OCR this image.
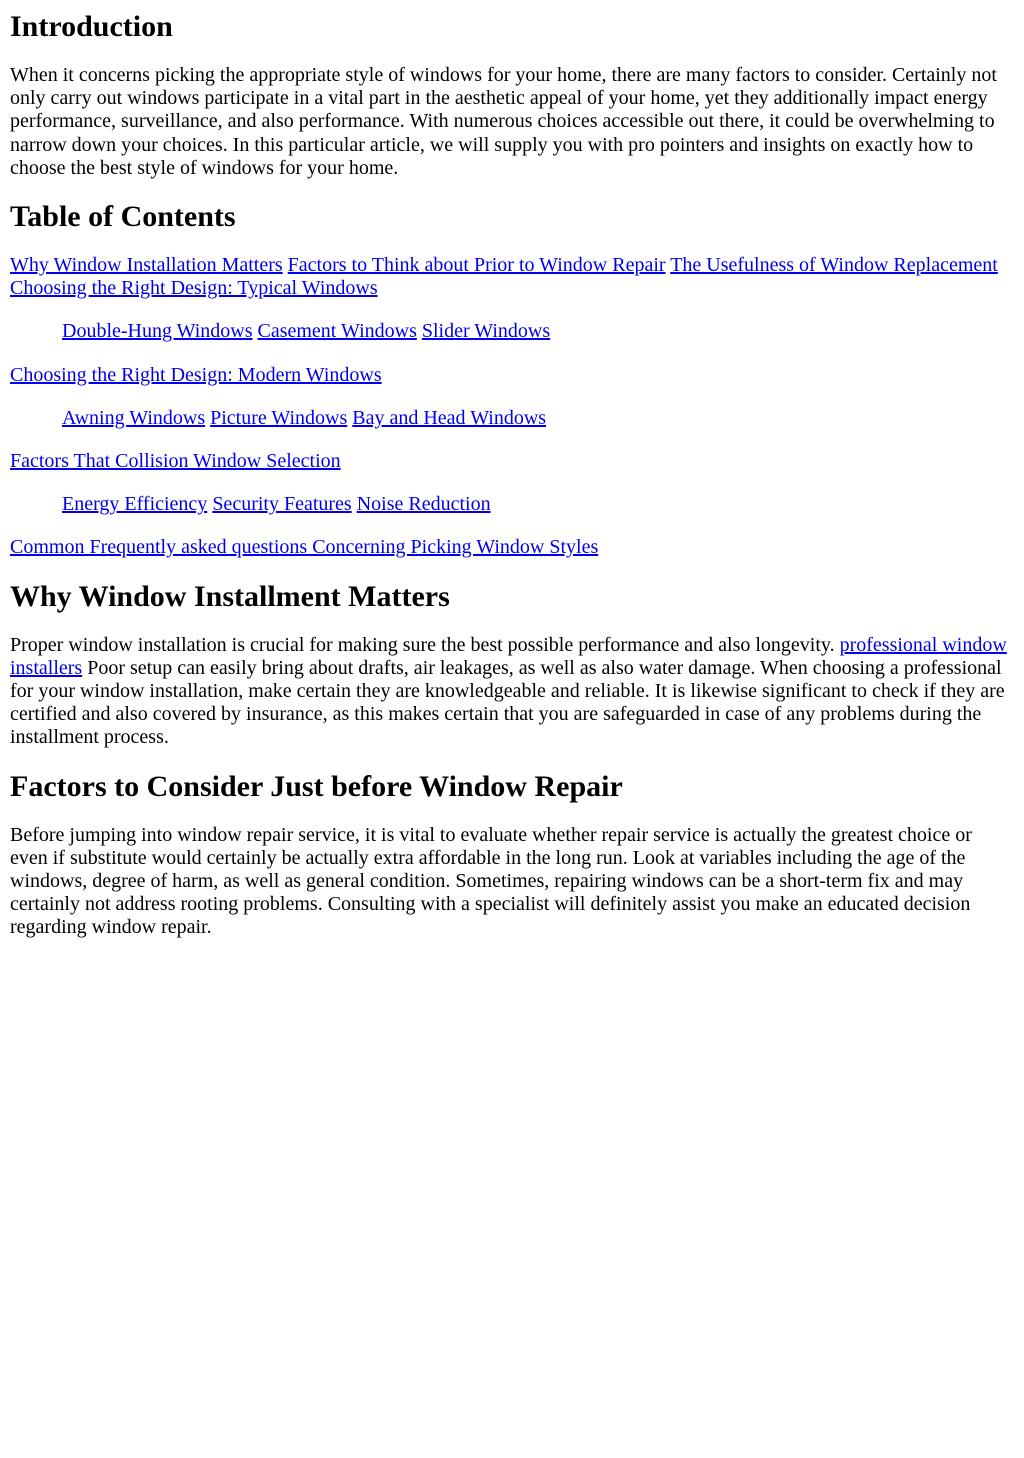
Introduction

When it concerns picking the appropriate style of windows for your home, there are many factors to consider. Certainly not only carry out windows participate in a vital part in the aesthetic appeal of your home, yet they additionally impact energy performance, surveillance, and also performance. With numerous choices accessible out there, it could be overwhelming to narrow down your choices. In this particular article, we will supply you with pro pointers and insights on exactly how to choose the best style of windows for your home.

Table of Contents
Why Window Installation Matters Factors to Think about Prior to Window Repair The Usefulness of Window Replacement Choosing the Right Design: Typical Windows
Double-Hung Windows Casement Windows Slider Windows
Choosing the Right Design: Modern Windows
Awning Windows Picture Windows Bay and Head Windows
Factors That Collision Window Selection
Energy Efficiency Security Features Noise Reduction
Common Frequently asked questions Concerning Picking Window Styles
Why Window Installment Matters

Proper window installation is crucial for making sure the best possible performance and also longevity. professional window installers Poor setup can easily bring about drafts, air leakages, as well as also water damage. When choosing a professional for your window installation, make certain they are knowledgeable and reliable. It is likewise significant to check if they are certified and also covered by insurance, as this makes certain that you are safeguarded in case of any problems during the installment process.

Factors to Consider Just before Window Repair

Before jumping into window repair service, it is vital to evaluate whether repair service is actually the greatest choice or even if substitute would certainly be actually extra affordable in the long run. Look at variables including the age of the windows, degree of harm, as well as general condition. Sometimes, repairing windows can be a short-term fix and may certainly not address rooting problems. Consulting with a specialist will definitely assist you make an educated decision regarding window repair.
